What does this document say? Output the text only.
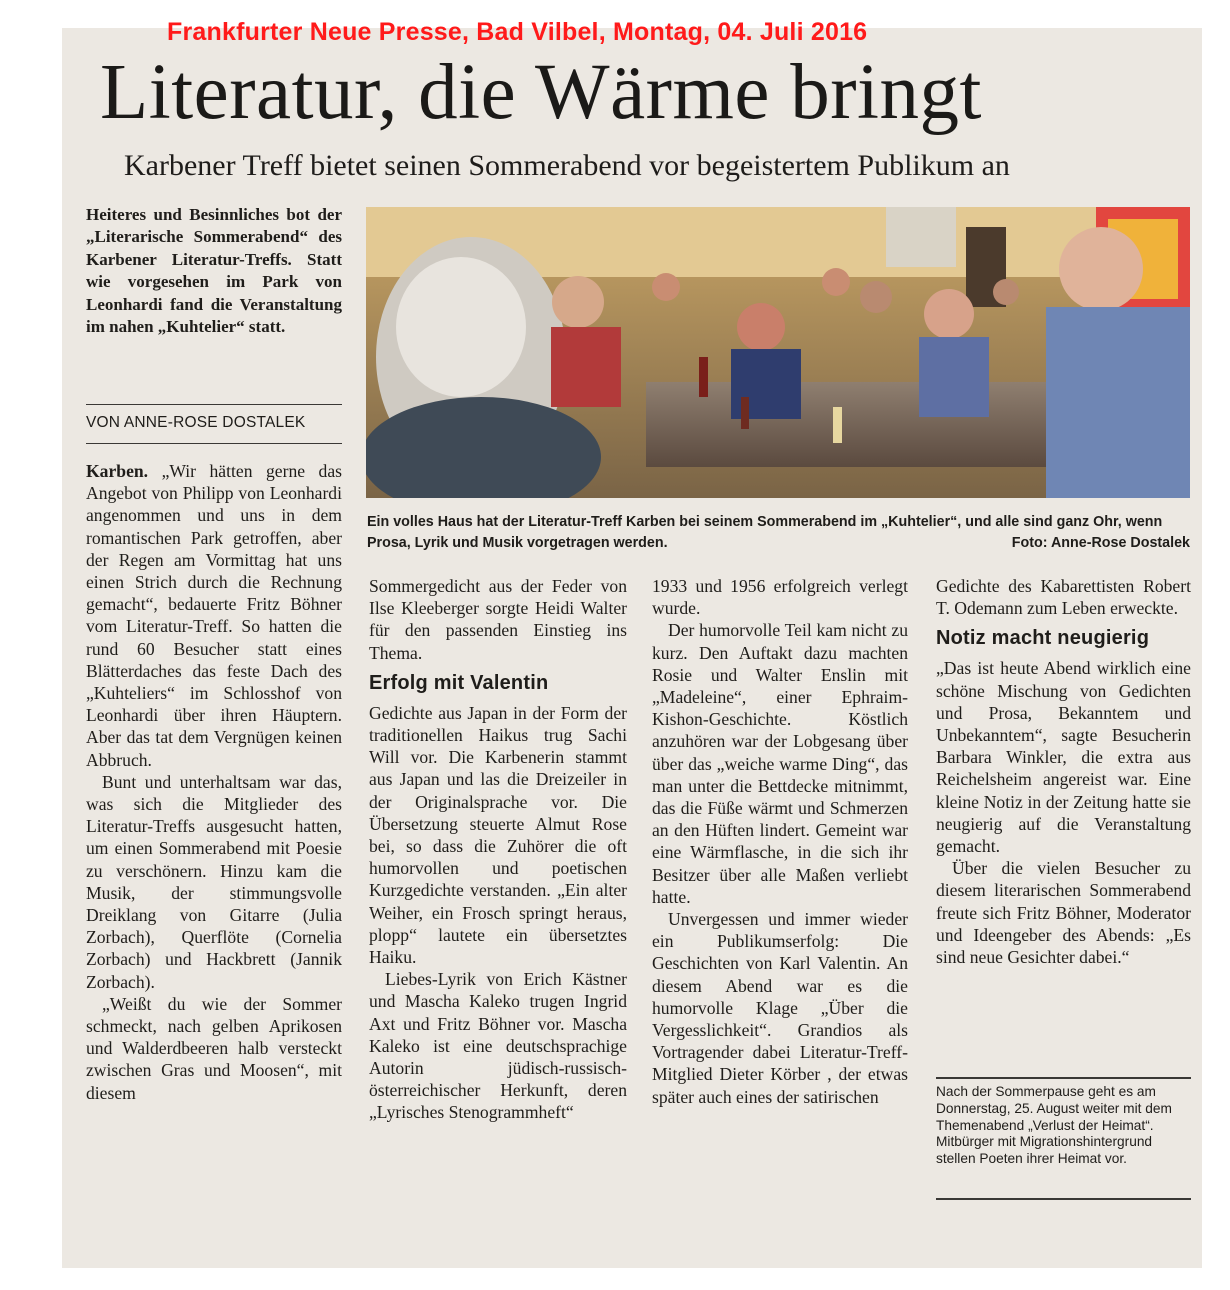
Frankfurter Neue Presse, Bad Vilbel, Montag, 04. Juli 2016
Literatur, die Wärme bringt
Karbener Treff bietet seinen Sommerabend vor begeistertem Publikum an

Heiteres und Besinnliches bot der „Literarische Sommerabend“ des Karbener Literatur-Treffs. Statt wie vorgesehen im Park von Leonhardi fand die Veranstaltung im nahen „Kuhtelier“ statt.

VON ANNE-ROSE DOSTALEK

Ein volles Haus hat der Literatur-Treff Karben bei seinem Sommerabend im „Kuhtelier“, und alle sind ganz Ohr, wenn Prosa, Lyrik und Musik vorgetragen werden.	Foto: Anne-Rose Dostalek

Karben. „Wir hätten gerne das Angebot von Philipp von Leonhardi angenommen und uns in dem romantischen Park getroffen, aber der Regen am Vormittag hat uns einen Strich durch die Rechnung gemacht“, bedauerte Fritz Böhner vom Literatur-Treff. So hatten die rund 60 Besucher statt eines Blätterdaches das feste Dach des „Kuhteliers“ im Schlosshof von Leonhardi über ihren Häuptern. Aber das tat dem Vergnügen keinen Abbruch.

Bunt und unterhaltsam war das, was sich die Mitglieder des Literatur-Treffs ausgesucht hatten, um einen Sommerabend mit Poesie zu verschönern. Hinzu kam die Musik, der stimmungsvolle Dreiklang von Gitarre (Julia Zorbach), Querflöte (Cornelia Zorbach) und Hackbrett (Jannik Zorbach).

„Weißt du wie der Sommer schmeckt, nach gelben Aprikosen und Walderdbeeren halb versteckt zwischen Gras und Moosen“, mit diesem

Sommergedicht aus der Feder von Ilse Kleeberger sorgte Heidi Walter für den passenden Einstieg ins Thema.

Erfolg mit Valentin

Gedichte aus Japan in der Form der traditionellen Haikus trug Sachi Will vor. Die Karbenerin stammt aus Japan und las die Dreizeiler in der Originalsprache vor. Die Übersetzung steuerte Almut Rose bei, so dass die Zuhörer die oft humorvollen und poetischen Kurzgedichte verstanden. „Ein alter Weiher, ein Frosch springt heraus, plopp“ lautete ein übersetztes Haiku.

Liebes-Lyrik von Erich Kästner und Mascha Kaleko trugen Ingrid Axt und Fritz Böhner vor. Mascha Kaleko ist eine deutschsprachige Autorin jüdisch-russisch-österreichischer Herkunft, deren „Lyrisches Stenogrammheft“

1933 und 1956 erfolgreich verlegt wurde.

Der humorvolle Teil kam nicht zu kurz. Den Auftakt dazu machten Rosie und Walter Enslin mit „Madeleine“, einer Ephraim-Kishon-Geschichte. Köstlich anzuhören war der Lobgesang über über das „weiche warme Ding“, das man unter die Bettdecke mitnimmt, das die Füße wärmt und Schmerzen an den Hüften lindert. Gemeint war eine Wärmflasche, in die sich ihr Besitzer über alle Maßen verliebt hatte.

Unvergessen und immer wieder ein Publikumserfolg: Die Geschichten von Karl Valentin. An diesem Abend war es die humorvolle Klage „Über die Vergesslichkeit“. Grandios als Vortragender dabei Literatur-Treff-Mitglied Dieter Körber , der etwas später auch eines der satirischen

Gedichte des Kabarettisten Robert T. Odemann zum Leben erweckte.

Notiz macht neugierig

„Das ist heute Abend wirklich eine schöne Mischung von Gedichten und Prosa, Bekanntem und Unbekanntem“, sagte Besucherin Barbara Winkler, die extra aus Reichelsheim angereist war. Eine kleine Notiz in der Zeitung hatte sie neugierig auf die Veranstaltung gemacht.

Über die vielen Besucher zu diesem literarischen Sommerabend freute sich Fritz Böhner, Moderator und Ideengeber des Abends: „Es sind neue Gesichter dabei.“

Nach der Sommerpause geht es am Donnerstag, 25. August weiter mit dem Themenabend „Verlust der Heimat“. Mitbürger mit Migrationshintergrund stellen Poeten ihrer Heimat vor.
